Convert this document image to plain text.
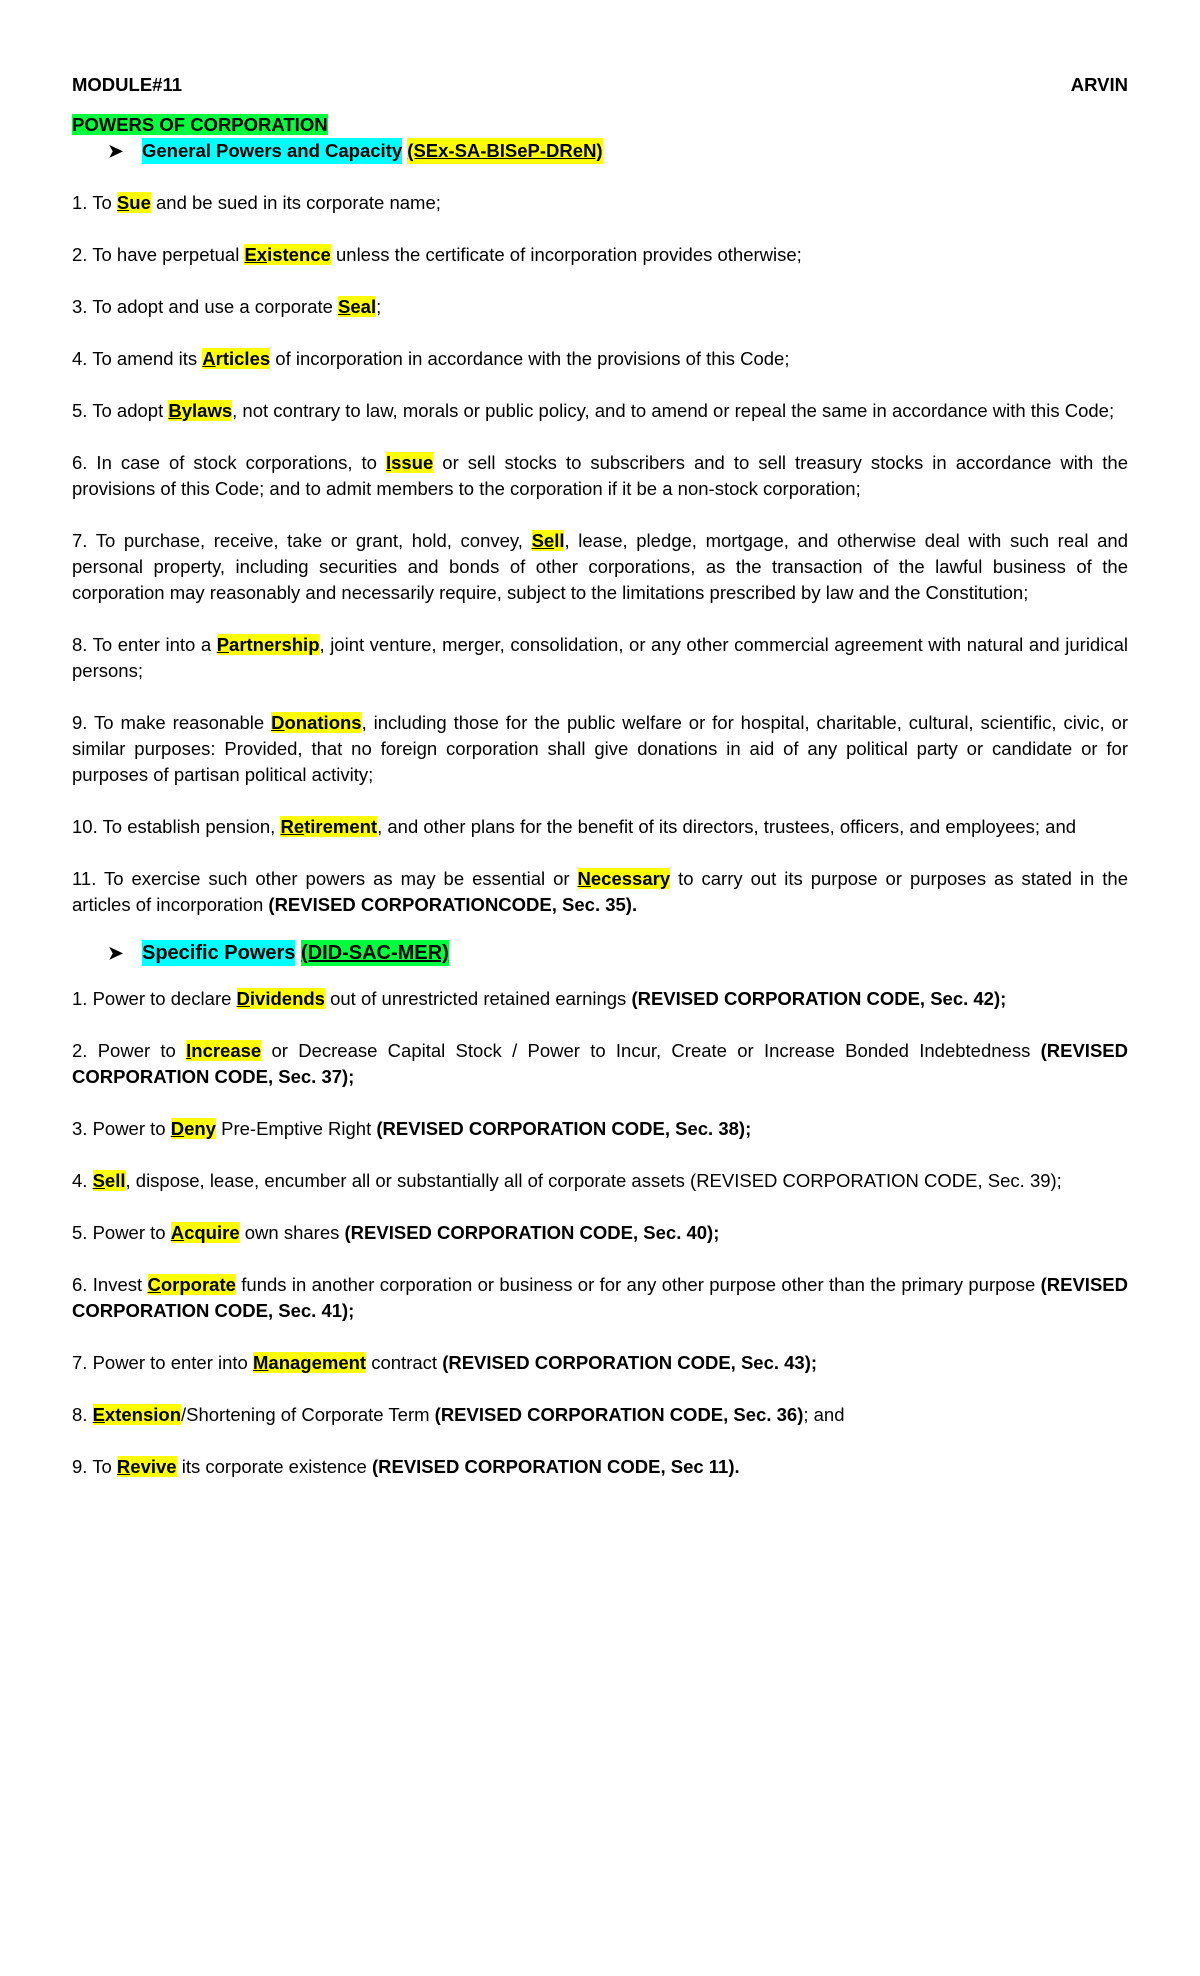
MODULE#11	ARVIN
POWERS OF CORPORATION
➤	General Powers and Capacity
(SEx-SA-BISeP-DReN)
1. To Sue and be sued in its corporate name;
2. To have perpetual Existence unless the certificate of incorporation provides otherwise;
3. To adopt and use a corporate Seal;
4. To amend its Articles of incorporation in accordance with the provisions of this Code;
5. To adopt Bylaws, not contrary to law, morals or public policy, and to amend or repeal the same in accordance with this Code;
6. In case of stock corporations, to Issue or sell stocks to subscribers and to sell treasury stocks in accordance with the provisions of this Code; and to admit members to the corporation if it be a non-stock corporation;
7. To purchase, receive, take or grant, hold, convey, Sell, lease, pledge, mortgage, and otherwise deal with such real and personal property, including securities and bonds of other corporations, as the transaction of the lawful business of the corporation may reasonably and necessarily require, subject to the limitations prescribed by law and the Constitution;
8. To enter into a Partnership, joint venture, merger, consolidation, or any other commercial agreement with natural and juridical persons;
9. To make reasonable Donations, including those for the public welfare or for hospital, charitable, cultural, scientific, civic, or similar purposes: Provided, that no foreign corporation shall give donations in aid of any political party or candidate or for purposes of partisan political activity;
10. To establish pension, Retirement, and other plans for the benefit of its directors, trustees, officers, and employees; and
11. To exercise such other powers as may be essential or Necessary to carry out its purpose or purposes as stated in the articles of incorporation (REVISED CORPORATIONCODE, Sec. 35).
➤ Specific Powers
(DID-SAC-MER)
1. Power to declare Dividends out of unrestricted retained earnings (REVISED CORPORATION CODE, Sec. 42);
2. Power to Increase or Decrease Capital Stock / Power to Incur, Create or Increase Bonded Indebtedness (REVISED CORPORATION CODE, Sec. 37);
3. Power to Deny Pre-Emptive Right (REVISED CORPORATION CODE, Sec. 38);
4. Sell, dispose, lease, encumber all or substantially all of corporate assets (REVISED CORPORATION CODE, Sec. 39);
5. Power to Acquire own shares (REVISED CORPORATION CODE, Sec. 40);
6. Invest Corporate funds in another corporation or business or for any other purpose other than the primary purpose (REVISED CORPORATION CODE, Sec. 41);
7. Power to enter into Management contract (REVISED CORPORATION CODE, Sec. 43);
8. Extension/Shortening of Corporate Term (REVISED CORPORATION CODE, Sec. 36); and
9. To Revive its corporate existence (REVISED CORPORATION CODE, Sec 11).
